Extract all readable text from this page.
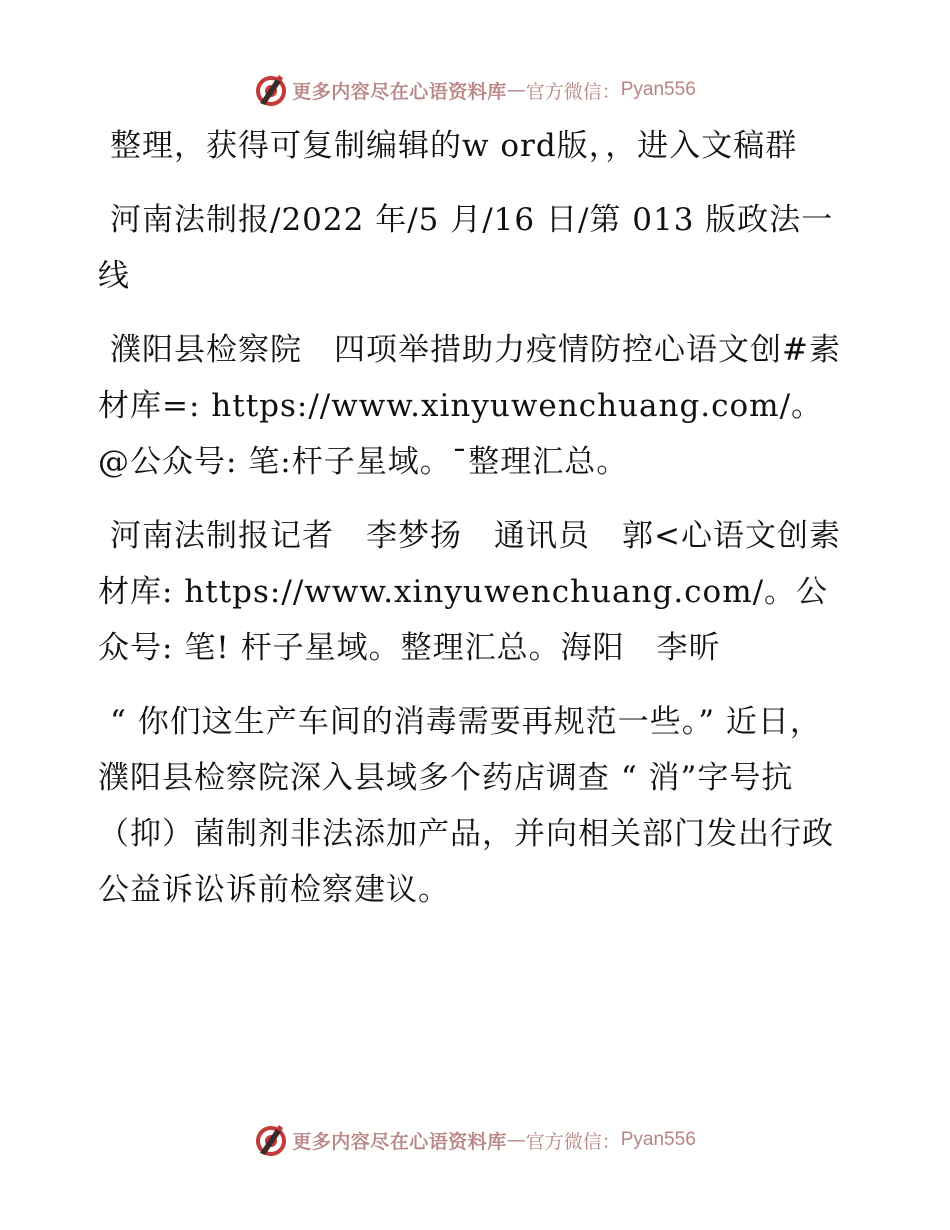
更多内容尽在心语资料库 — 官方微信： Pyan556

整理，获得可复制编辑的w ord版，，进入文稿群

河南法制报/2022 年/5 月/16 日/第 013 版政法一线

濮阳县检察院　四项举措助力疫情防控心语文创#素材库=: https://www.xinyuwenchuang.com/。@公众号: 笔:杆子星域。¯整理汇总。

河南法制报记者　李梦扬　通讯员　郭<心语文创素材库: https://www.xinyuwenchuang.com/。公众号: 笔! 杆子星域。整理汇总。海阳　李昕

“ 你们这生产车间的消毒需要再规范一些。” 近日， 濮阳县检察院深入县域多个药店调查 “ 消”字号抗（抑）菌制剂非法添加产品，并向相关部门发出行政公益诉讼诉前检察建议。

更多内容尽在心语资料库 — 官方微信： Pyan556
